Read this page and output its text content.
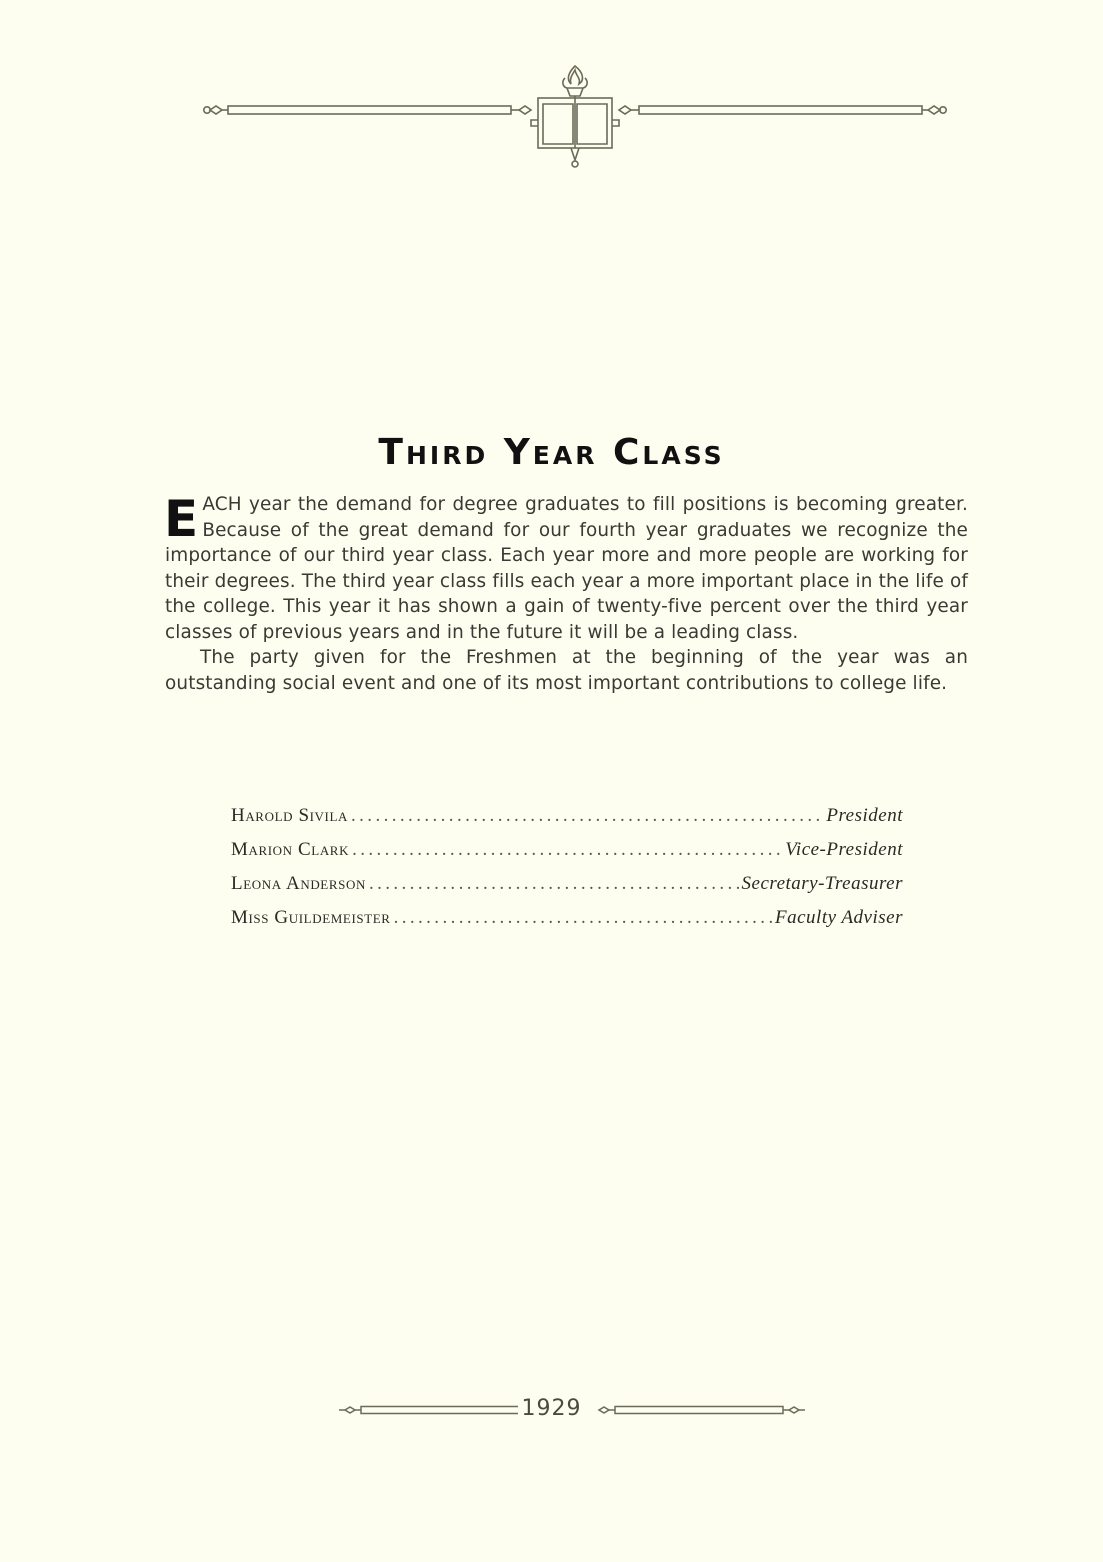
Third Year Class

EACH year the demand for degree graduates to fill positions is becoming greater. Because of the great demand for our fourth year graduates we recognize the importance of our third year class. Each year more and more people are working for their degrees. The third year class fills each year a more important place in the life of the college. This year it has shown a gain of twenty-five percent over the third year classes of previous years and in the future it will be a leading class.

The party given for the Freshmen at the beginning of the year was an outstanding social event and one of its most important contributions to college life.

Harold Sivila .....	President
Marion Clark .....	Vice-President
Leona Anderson .....	Secretary-Treasurer
Miss Guildemeister .....	Faculty Adviser
1929
